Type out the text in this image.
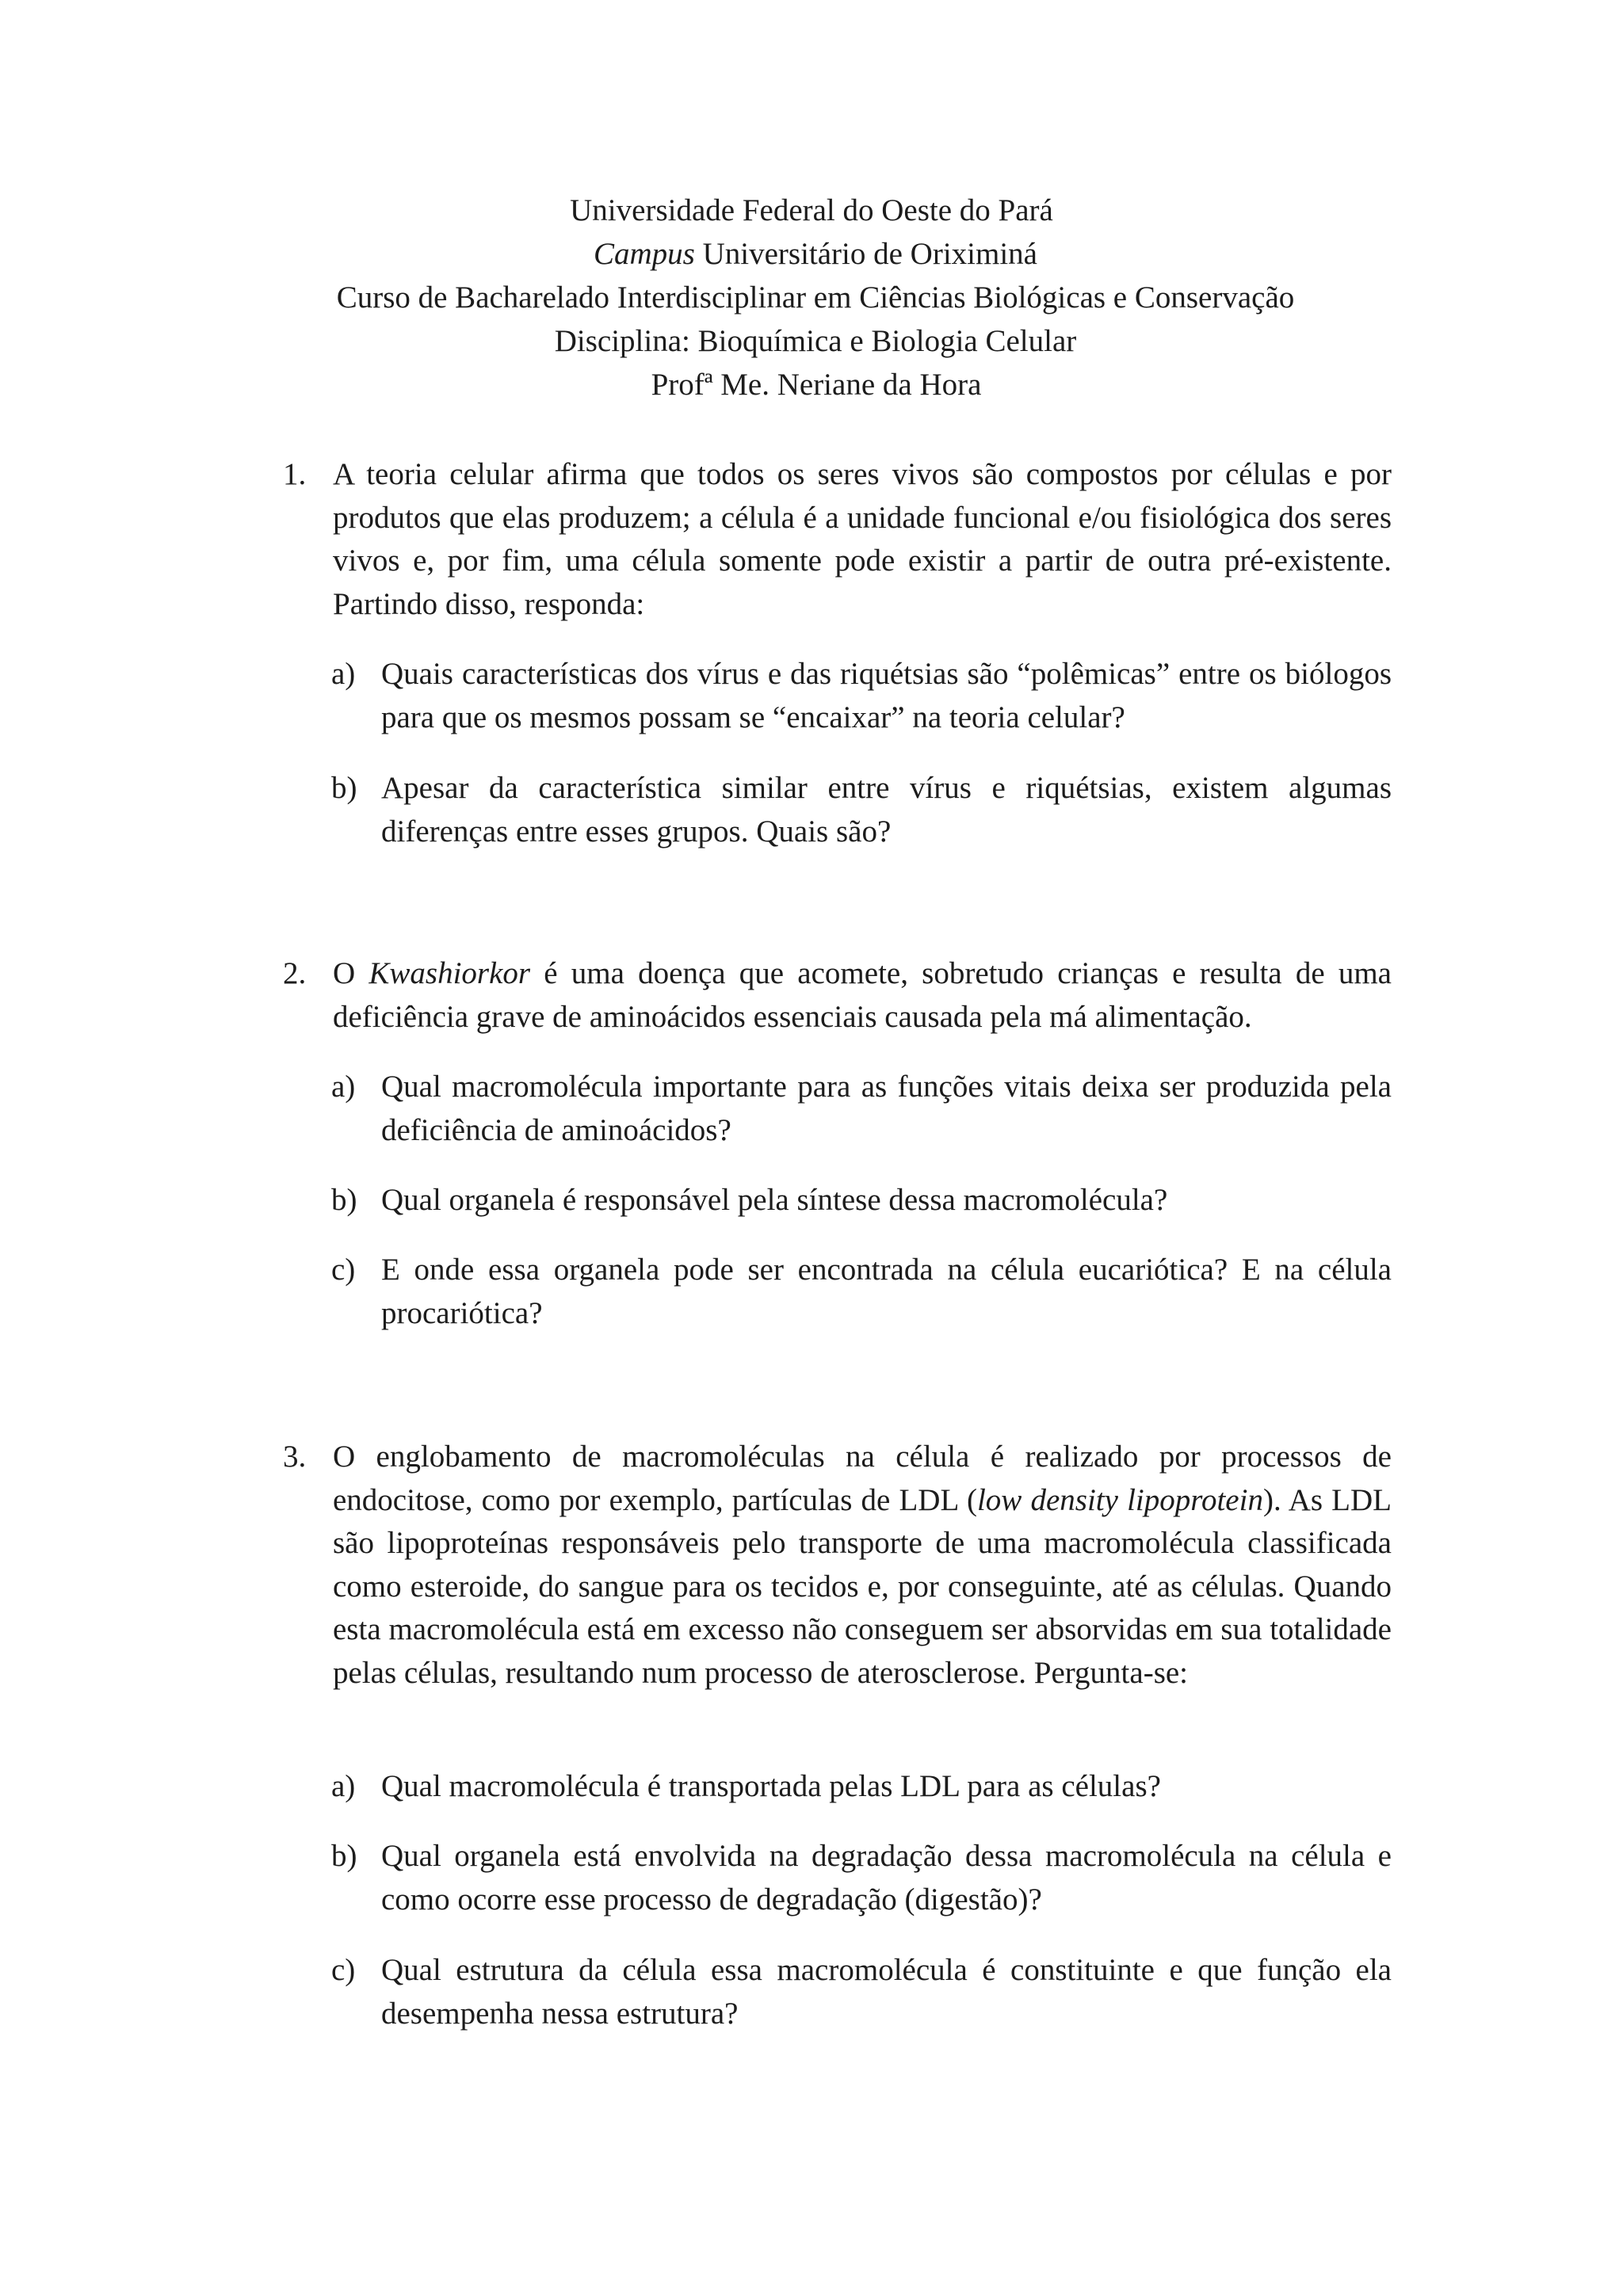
Universidade Federal do Oeste do Pará
Campus Universitário de Oriximiná
Curso de Bacharelado Interdisciplinar em Ciências Biológicas e Conservação
Disciplina: Bioquímica e Biologia Celular
Profª Me. Neriane da Hora
1. A teoria celular afirma que todos os seres vivos são compostos por células e por produtos que elas produzem; a célula é a unidade funcional e/ou fisiológica dos seres vivos e, por fim, uma célula somente pode existir a partir de outra pré-existente. Partindo disso, responda:
a) Quais características dos vírus e das riquétsias são “polêmicas” entre os biólogos para que os mesmos possam se “encaixar” na teoria celular?
b) Apesar da característica similar entre vírus e riquétsias, existem algumas diferenças entre esses grupos. Quais são?
2. O Kwashiorkor é uma doença que acomete, sobretudo crianças e resulta de uma deficiência grave de aminoácidos essenciais causada pela má alimentação.
a) Qual macromolécula importante para as funções vitais deixa ser produzida pela deficiência de aminoácidos?
b) Qual organela é responsável pela síntese dessa macromolécula?
c) E onde essa organela pode ser encontrada na célula eucariótica? E na célula procariótica?
3. O englobamento de macromoléculas na célula é realizado por processos de endocitose, como por exemplo, partículas de LDL (low density lipoprotein). As LDL são lipoproteínas responsáveis pelo transporte de uma macromolécula classificada como esteroide, do sangue para os tecidos e, por conseguinte, até as células. Quando esta macromolécula está em excesso não conseguem ser absorvidas em sua totalidade pelas células, resultando num processo de aterosclerose. Pergunta-se:
a) Qual macromolécula é transportada pelas LDL para as células?
b) Qual organela está envolvida na degradação dessa macromolécula na célula e como ocorre esse processo de degradação (digestão)?
c) Qual estrutura da célula essa macromolécula é constituinte e que função ela desempenha nessa estrutura?
